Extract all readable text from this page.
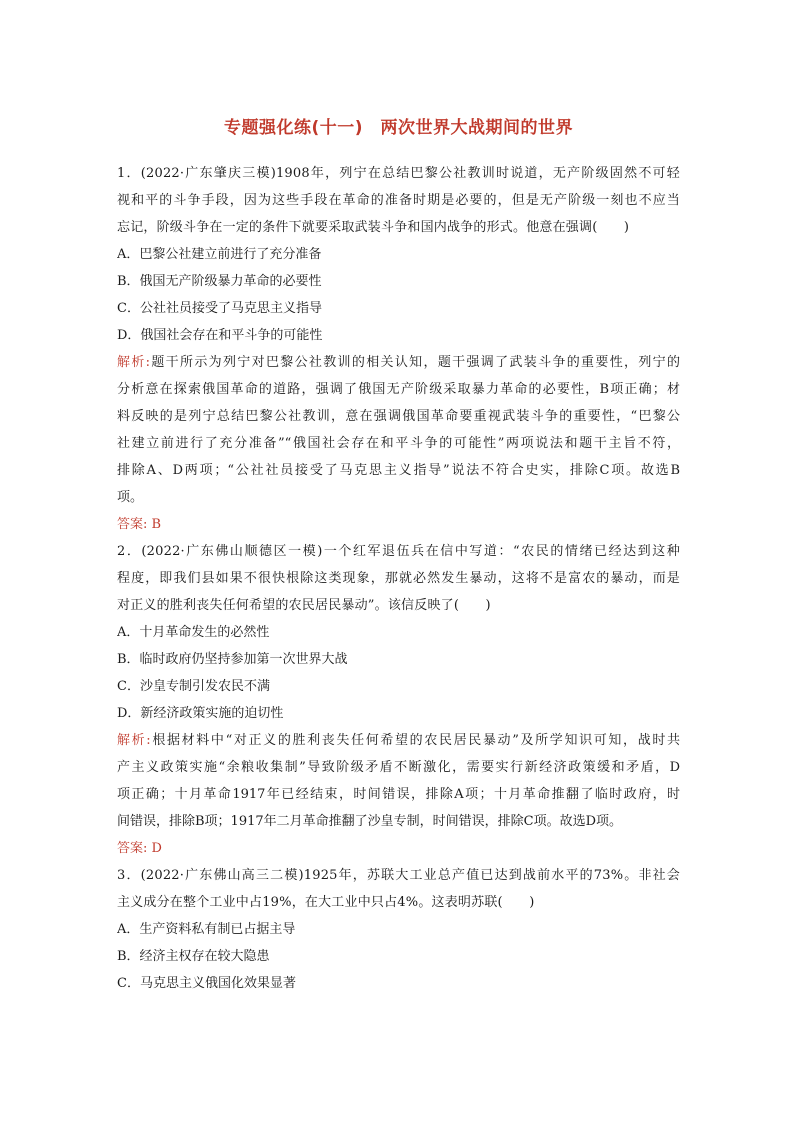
专题强化练(十一)　两次世界大战期间的世界
1．(2022·广东肇庆三模)1908年，列宁在总结巴黎公社教训时说道，无产阶级固然不可轻
视和平的斗争手段，因为这些手段在革命的准备时期是必要的，但是无产阶级一刻也不应当
忘记，阶级斗争在一定的条件下就要采取武装斗争和国内战争的形式。他意在强调(　　)
A．巴黎公社建立前进行了充分准备
B．俄国无产阶级暴力革命的必要性
C．公社社员接受了马克思主义指导
D．俄国社会存在和平斗争的可能性
解析:题干所示为列宁对巴黎公社教训的相关认知，题干强调了武装斗争的重要性，列宁的
分析意在探索俄国革命的道路，强调了俄国无产阶级采取暴力革命的必要性，B项正确；材
料反映的是列宁总结巴黎公社教训，意在强调俄国革命要重视武装斗争的重要性，“巴黎公
社建立前进行了充分准备”“俄国社会存在和平斗争的可能性”两项说法和题干主旨不符，
排除A、D两项；“公社社员接受了马克思主义指导”说法不符合史实，排除C项。故选B
项。
答案: B
2．(2022·广东佛山顺德区一模)一个红军退伍兵在信中写道：“农民的情绪已经达到这种
程度，即我们县如果不很快根除这类现象，那就必然发生暴动，这将不是富农的暴动，而是
对正义的胜利丧失任何希望的农民居民暴动”。该信反映了(　　)
A．十月革命发生的必然性
B．临时政府仍坚持参加第一次世界大战
C．沙皇专制引发农民不满
D．新经济政策实施的迫切性
解析:根据材料中“对正义的胜利丧失任何希望的农民居民暴动”及所学知识可知，战时共
产主义政策实施“余粮收集制”导致阶级矛盾不断激化，需要实行新经济政策缓和矛盾，D
项正确；十月革命1917年已经结束，时间错误，排除A项；十月革命推翻了临时政府，时
间错误，排除B项；1917年二月革命推翻了沙皇专制，时间错误，排除C项。故选D项。
答案: D
3．(2022·广东佛山高三二模)1925年，苏联大工业总产值已达到战前水平的73%。非社会
主义成分在整个工业中占19%，在大工业中只占4%。这表明苏联(　　)
A．生产资料私有制已占据主导
B．经济主权存在较大隐患
C．马克思主义俄国化效果显著
